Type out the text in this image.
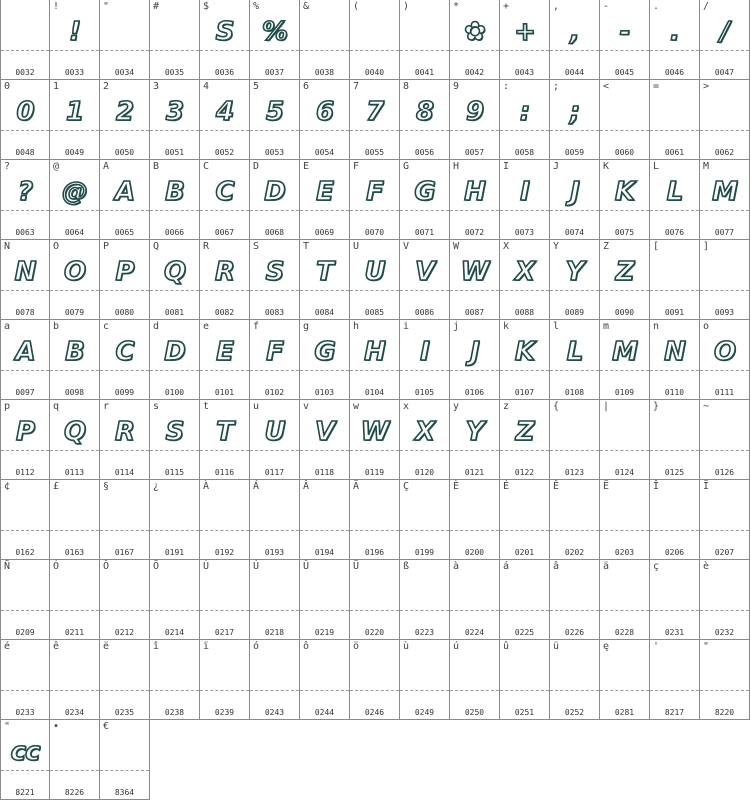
0032
!
!
0033
"
0034
#
0035
$
S
0036
%
%
0037
&
0038
(
0040
)
0041
*
✿
0042
+
+
0043
,
,
0044
-
-
0045
.
.
0046
/
/
0047
0
0
0048
1
1
0049
2
2
0050
3
3
0051
4
4
0052
5
5
0053
6
6
0054
7
7
0055
8
8
0056
9
9
0057
:
:
0058
;
;
0059
<
0060
=
0061
>
0062
?
?
0063
@
@
0064
A
A
0065
B
B
0066
C
C
0067
D
D
0068
E
E
0069
F
F
0070
G
G
0071
H
H
0072
I
I
0073
J
J
0074
K
K
0075
L
L
0076
M
M
0077
N
N
0078
O
O
0079
P
P
0080
Q
Q
0081
R
R
0082
S
S
0083
T
T
0084
U
U
0085
V
V
0086
W
W
0087
X
X
0088
Y
Y
0089
Z
Z
0090
[
0091
]
0093
a
A
0097
b
B
0098
c
C
0099
d
D
0100
e
E
0101
f
F
0102
g
G
0103
h
H
0104
i
I
0105
j
J
0106
k
K
0107
l
L
0108
m
M
0109
n
N
0110
o
O
0111
p
P
0112
q
Q
0113
r
R
0114
s
S
0115
t
T
0116
u
U
0117
v
V
0118
w
W
0119
x
X
0120
y
Y
0121
z
Z
0122
{
0123
|
0124
}
0125
~
0126
¢
0162
£
0163
§
0167
¿
0191
À
0192
Á
0193
Â
0194
Ä
0196
Ç
0199
È
0200
É
0201
Ê
0202
Ë
0203
Î
0206
Ï
0207
Ñ
0209
Ó
0211
Ô
0212
Ö
0214
Ù
0217
Ú
0218
Û
0219
Ü
0220
ß
0223
à
0224
á
0225
â
0226
ä
0228
ç
0231
è
0232
é
0233
ê
0234
ë
0235
î
0238
ï
0239
ó
0243
ô
0244
ö
0246
ù
0249
ú
0250
û
0251
ü
0252
ę
0281
'
8217
"
8220
"
cc
8221
•
8226
€
8364
